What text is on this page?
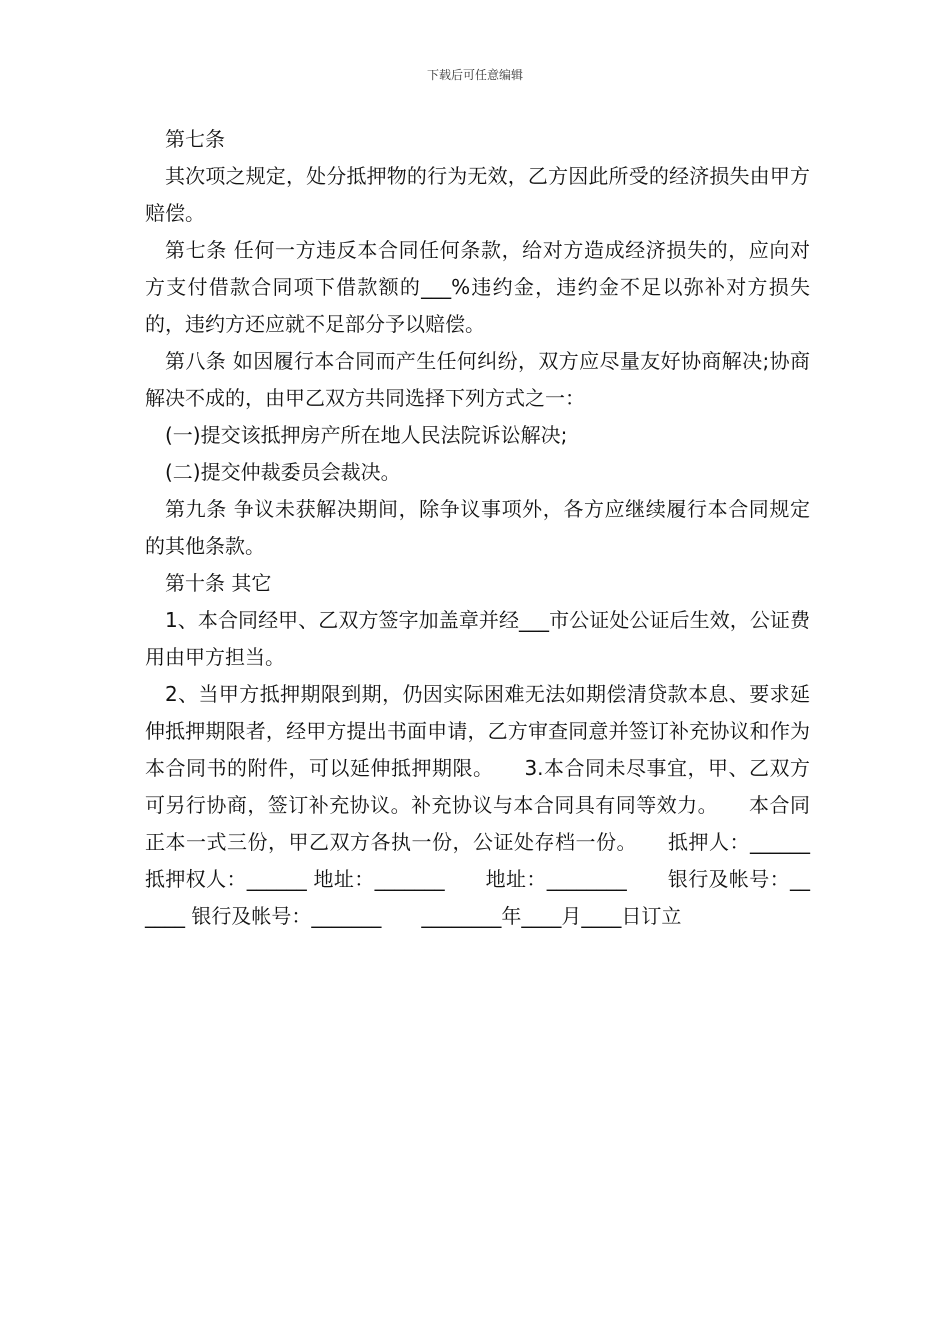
下载后可任意编辑

第七条

其次项之规定，处分抵押物的行为无效，乙方因此所受的经济损失由甲方赔偿。

第七条 任何一方违反本合同任何条款，给对方造成经济损失的，应向对方支付借款合同项下借款额的___%违约金，违约金不足以弥补对方损失的，违约方还应就不足部分予以赔偿。

第八条 如因履行本合同而产生任何纠纷，双方应尽量友好协商解决;协商解决不成的，由甲乙双方共同选择下列方式之一：

(一)提交该抵押房产所在地人民法院诉讼解决;

(二)提交仲裁委员会裁决。

第九条 争议未获解决期间，除争议事项外，各方应继续履行本合同规定的其他条款。

第十条 其它

1、本合同经甲、乙双方签字加盖章并经___市公证处公证后生效，公证费用由甲方担当。

2、当甲方抵押期限到期，仍因实际困难无法如期偿清贷款本息、要求延伸抵押期限者，经甲方提出书面申请，乙方审查同意并签订补充协议和作为本合同书的附件，可以延伸抵押期限。　　3.本合同未尽事宜，甲、乙双方可另行协商，签订补充协议。补充协议与本合同具有同等效力。　　本合同正本一式三份，甲乙双方各执一份，公证处存档一份。　　抵押人：______　　抵押权人：______ 地址：_______　　地址：________　　银行及帐号：______ 银行及帐号：_______　　________年____月____日订立
